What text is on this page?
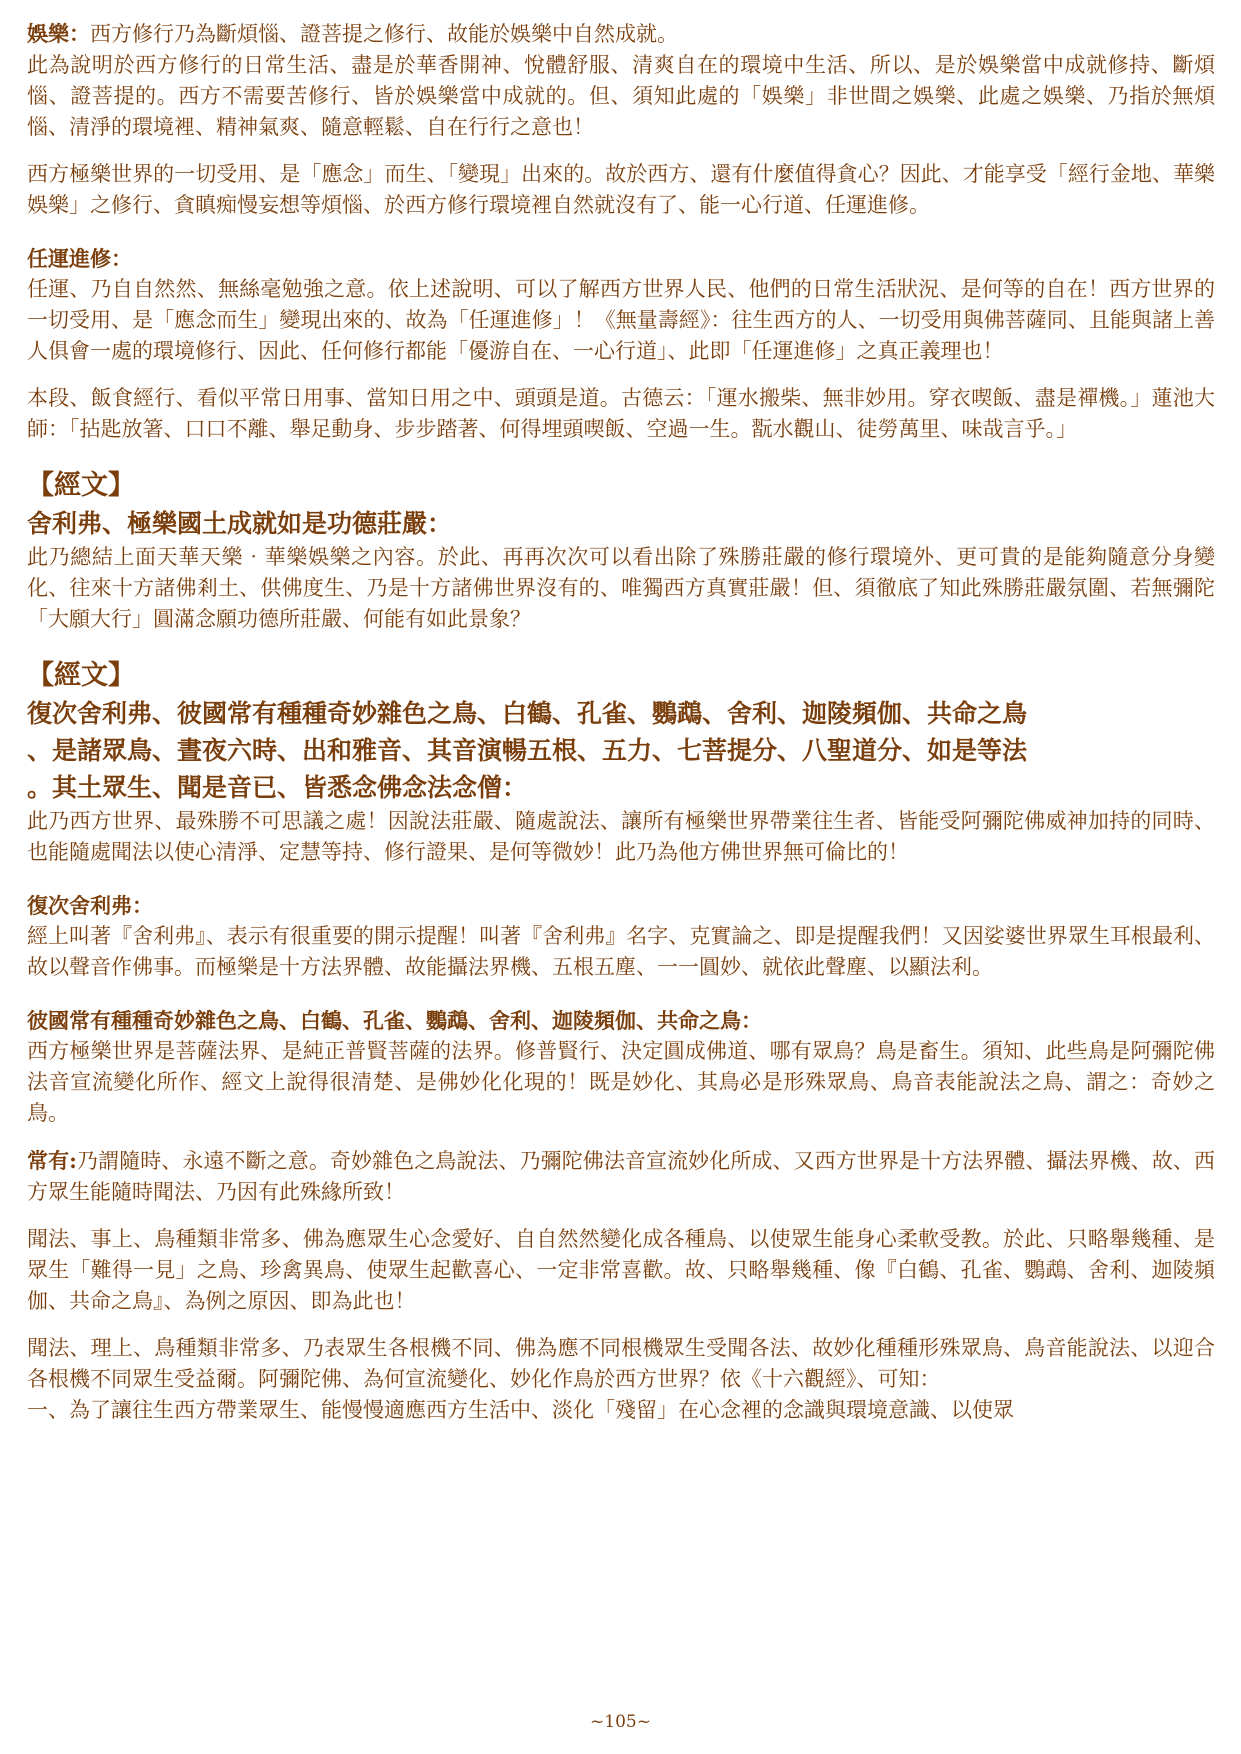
娛樂：西方修行乃為斷煩惱、證菩提之修行、故能於娛樂中自然成就。

此為說明於西方修行的日常生活、盡是於華香開神、悅體舒服、清爽自在的環境中生活、所以、是於娛樂當中成就修持、斷煩惱、證菩提的。西方不需要苦修行、皆於娛樂當中成就的。但、須知此處的「娛樂」非世間之娛樂、此處之娛樂、乃指於無煩惱、清淨的環境裡、精神氣爽、隨意輕鬆、自在行行之意也！

西方極樂世界的一切受用、是「應念」而生、「變現」出來的。故於西方、還有什麼值得貪心？因此、才能享受「經行金地、華樂娛樂」之修行、貪瞋痴慢妄想等煩惱、於西方修行環境裡自然就沒有了、能一心行道、任運進修。

任運進修：

任運、乃自自然然、無絲毫勉強之意。依上述說明、可以了解西方世界人民、他們的日常生活狀況、是何等的自在！西方世界的一切受用、是「應念而生」變現出來的、故為「任運進修」！《無量壽經》：往生西方的人、一切受用與佛菩薩同、且能與諸上善人俱會一處的環境修行、因此、任何修行都能「優游自在、一心行道」、此即「任運進修」之真正義理也！

本段、飯食經行、看似平常日用事、當知日用之中、頭頭是道。古德云：「運水搬柴、無非妙用。穿衣喫飯、盡是禪機。」蓮池大師：「拈匙放箸、口口不離、舉足動身、步步踏著、何得埋頭喫飯、空過一生。翫水觀山、徒勞萬里、味哉言乎。」

【經文】

舍利弗、極樂國土成就如是功德莊嚴：

此乃總結上面天華天樂‧華樂娛樂之內容。於此、再再次次可以看出除了殊勝莊嚴的修行環境外、更可貴的是能夠隨意分身變化、往來十方諸佛剎土、供佛度生、乃是十方諸佛世界沒有的、唯獨西方真實莊嚴！但、須徹底了知此殊勝莊嚴氛圍、若無彌陀「大願大行」圓滿念願功德所莊嚴、何能有如此景象？

【經文】

復次舍利弗、彼國常有種種奇妙雜色之鳥、白鶴、孔雀、鸚鵡、舍利、迦陵頻伽、共命之鳥

、是諸眾鳥、晝夜六時、出和雅音、其音演暢五根、五力、七菩提分、八聖道分、如是等法

。其土眾生、聞是音已、皆悉念佛念法念僧：

此乃西方世界、最殊勝不可思議之處！因說法莊嚴、隨處說法、讓所有極樂世界帶業往生者、皆能受阿彌陀佛威神加持的同時、也能隨處聞法以使心清淨、定慧等持、修行證果、是何等微妙！此乃為他方佛世界無可倫比的！

復次舍利弗：

經上叫著『舍利弗』、表示有很重要的開示提醒！叫著『舍利弗』名字、克實論之、即是提醒我們！又因娑婆世界眾生耳根最利、故以聲音作佛事。而極樂是十方法界體、故能攝法界機、五根五塵、一一圓妙、就依此聲塵、以顯法利。

彼國常有種種奇妙雜色之鳥、白鶴、孔雀、鸚鵡、舍利、迦陵頻伽、共命之鳥：

西方極樂世界是菩薩法界、是純正普賢菩薩的法界。修普賢行、決定圓成佛道、哪有眾鳥？鳥是畜生。須知、此些鳥是阿彌陀佛法音宣流變化所作、經文上說得很清楚、是佛妙化化現的！既是妙化、其鳥必是形殊眾鳥、鳥音表能說法之鳥、謂之：奇妙之鳥。

常有:乃謂隨時、永遠不斷之意。奇妙雜色之鳥說法、乃彌陀佛法音宣流妙化所成、又西方世界是十方法界體、攝法界機、故、西方眾生能隨時聞法、乃因有此殊緣所致！

聞法、事上、鳥種類非常多、佛為應眾生心念愛好、自自然然變化成各種鳥、以使眾生能身心柔軟受教。於此、只略舉幾種、是眾生「難得一見」之鳥、珍禽異鳥、使眾生起歡喜心、一定非常喜歡。故、只略舉幾種、像『白鶴、孔雀、鸚鵡、舍利、迦陵頻伽、共命之鳥』、為例之原因、即為此也！

聞法、理上、鳥種類非常多、乃表眾生各根機不同、佛為應不同根機眾生受聞各法、故妙化種種形殊眾鳥、鳥音能說法、以迎合各根機不同眾生受益爾。阿彌陀佛、為何宣流變化、妙化作鳥於西方世界？依《十六觀經》、可知：

一、為了讓往生西方帶業眾生、能慢慢適應西方生活中、淡化「殘留」在心念裡的念識與環境意識、以使眾

~105~
